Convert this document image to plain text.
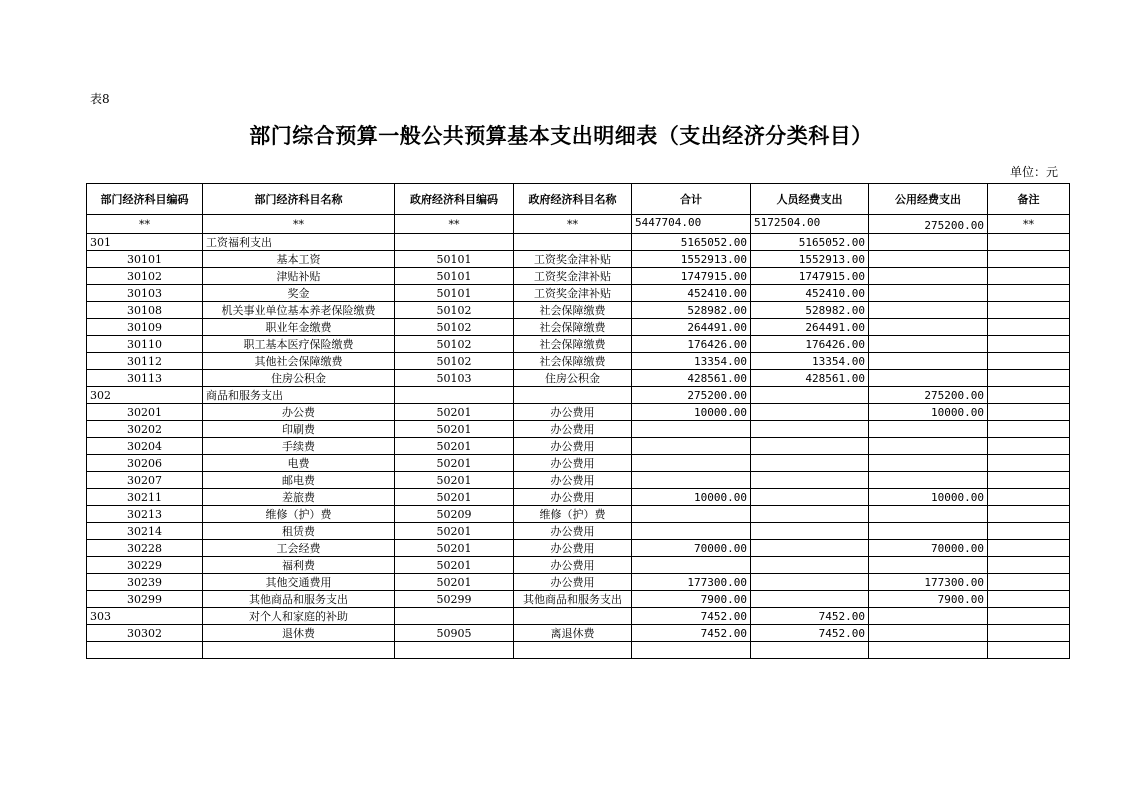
表8
部门综合预算一般公共预算基本支出明细表（支出经济分类科目）
单位：元
部门经济科目编码	部门经济科目名称	政府经济科目编码	政府经济科目名称	合计	人员经费支出	公用经费支出	备注
**	**	**	**	5447704.00	5172504.00	275200.00	**
301	工资福利支出			5165052.00	5165052.00		
30101	基本工资	50101	工资奖金津补贴	1552913.00	1552913.00		
30102	津贴补贴	50101	工资奖金津补贴	1747915.00	1747915.00		
30103	奖金	50101	工资奖金津补贴	452410.00	452410.00		
30108	机关事业单位基本养老保险缴费	50102	社会保障缴费	528982.00	528982.00		
30109	职业年金缴费	50102	社会保障缴费	264491.00	264491.00		
30110	职工基本医疗保险缴费	50102	社会保障缴费	176426.00	176426.00		
30112	其他社会保障缴费	50102	社会保障缴费	13354.00	13354.00		
30113	住房公积金	50103	住房公积金	428561.00	428561.00		
302	商品和服务支出			275200.00		275200.00	
30201	办公费	50201	办公费用	10000.00		10000.00	
30202	印刷费	50201	办公费用				
30204	手续费	50201	办公费用				
30206	电费	50201	办公费用				
30207	邮电费	50201	办公费用				
30211	差旅费	50201	办公费用	10000.00		10000.00	
30213	维修（护）费	50209	维修（护）费				
30214	租赁费	50201	办公费用				
30228	工会经费	50201	办公费用	70000.00		70000.00	
30229	福利费	50201	办公费用				
30239	其他交通费用	50201	办公费用	177300.00		177300.00	
30299	其他商品和服务支出	50299	其他商品和服务支出	7900.00		7900.00	
303	对个人和家庭的补助			7452.00	7452.00		
30302	退休费	50905	离退休费	7452.00	7452.00		
